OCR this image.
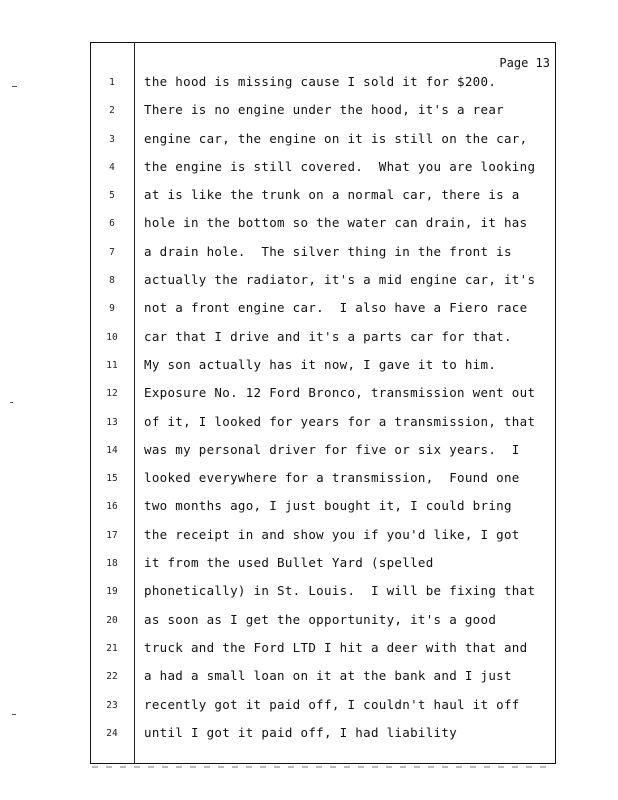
Page 13
1	the hood is missing cause I sold it for $200.
2	There is no engine under the hood, it's a rear
3	engine car, the engine on it is still on the car,
4	the engine is still covered.  What you are looking
5	at is like the trunk on a normal car, there is a
6	hole in the bottom so the water can drain, it has
7	a drain hole.  The silver thing in the front is
8	actually the radiator, it's a mid engine car, it's
9	not a front engine car.  I also have a Fiero race
10	car that I drive and it's a parts car for that.
11	My son actually has it now, I gave it to him.
12	Exposure No. 12 Ford Bronco, transmission went out
13	of it, I looked for years for a transmission, that
14	was my personal driver for five or six years.  I
15	looked everywhere for a transmission,  Found one
16	two months ago, I just bought it, I could bring
17	the receipt in and show you if you'd like, I got
18	it from the used Bullet Yard (spelled
19	phonetically) in St. Louis.  I will be fixing that
20	as soon as I get the opportunity, it's a good
21	truck and the Ford LTD I hit a deer with that and
22	a had a small loan on it at the bank and I just
23	recently got it paid off, I couldn't haul it off
24	until I got it paid off, I had liability
